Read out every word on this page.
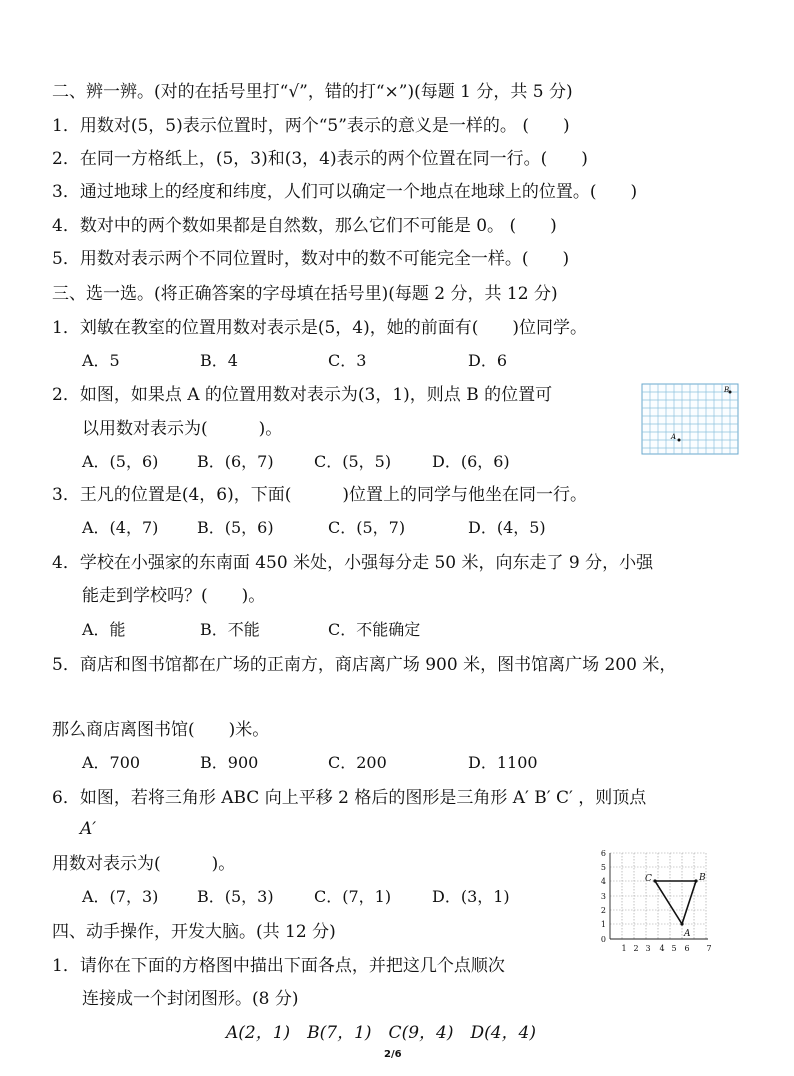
二、辨一辨。(对的在括号里打“√”，错的打“×”)(每题 1 分，共 5 分)
1．用数对(5，5)表示位置时，两个“5”表示的意义是一样的。 (　　)
2．在同一方格纸上，(5，3)和(3，4)表示的两个位置在同一行。(　　)
3．通过地球上的经度和纬度，人们可以确定一个地点在地球上的位置。(　　)
4．数对中的两个数如果都是自然数，那么它们不可能是 0。 (　　)
5．用数对表示两个不同位置时，数对中的数不可能完全一样。(　　)
三、选一选。(将正确答案的字母填在括号里)(每题 2 分，共 12 分)
1．刘敏在教室的位置用数对表示是(5，4)，她的前面有(　　)位同学。
A．5	B．4	C．3	D．6
2．如图，如果点 A 的位置用数对表示为(3，1)，则点 B 的位置可
以用数对表示为(　　　)。
A．(5，6) B．(6，7)	C．(5，5)	D．(6，6)
B
A
3．王凡的位置是(4，6)，下面(　　　)位置上的同学与他坐在同一行。
A．(4，7) B．(5，6)	C．(5，7)	D．(4，5)
4．学校在小强家的东南面 450 米处，小强每分走 50 米，向东走了 9 分，小强
能走到学校吗？(　　)。
A．能	B．不能	C．不能确定
5．商店和图书馆都在广场的正南方，商店离广场 900 米，图书馆离广场 200 米，
那么商店离图书馆(　　)米。
A．700	B．900	C．200	D．1100
6．如图，若将三角形 ABC 向上平移 2 格后的图形是三角形 A′ B′ C′ ，则顶点
A′
用数对表示为(　　　)。
A．(7，3) B．(5，3)	C．(7，1)	D．(3，1)
0
1
2
3
4
5
6
1 2 3 4 5 6 7
C	B
A
四、动手操作，开发大脑。(共 12 分)
1．请你在下面的方格图中描出下面各点，并把这几个点顺次
连接成一个封闭图形。(8 分)
A(2，1)　B(7，1)　C(9，4)　D(4，4)
2/6
